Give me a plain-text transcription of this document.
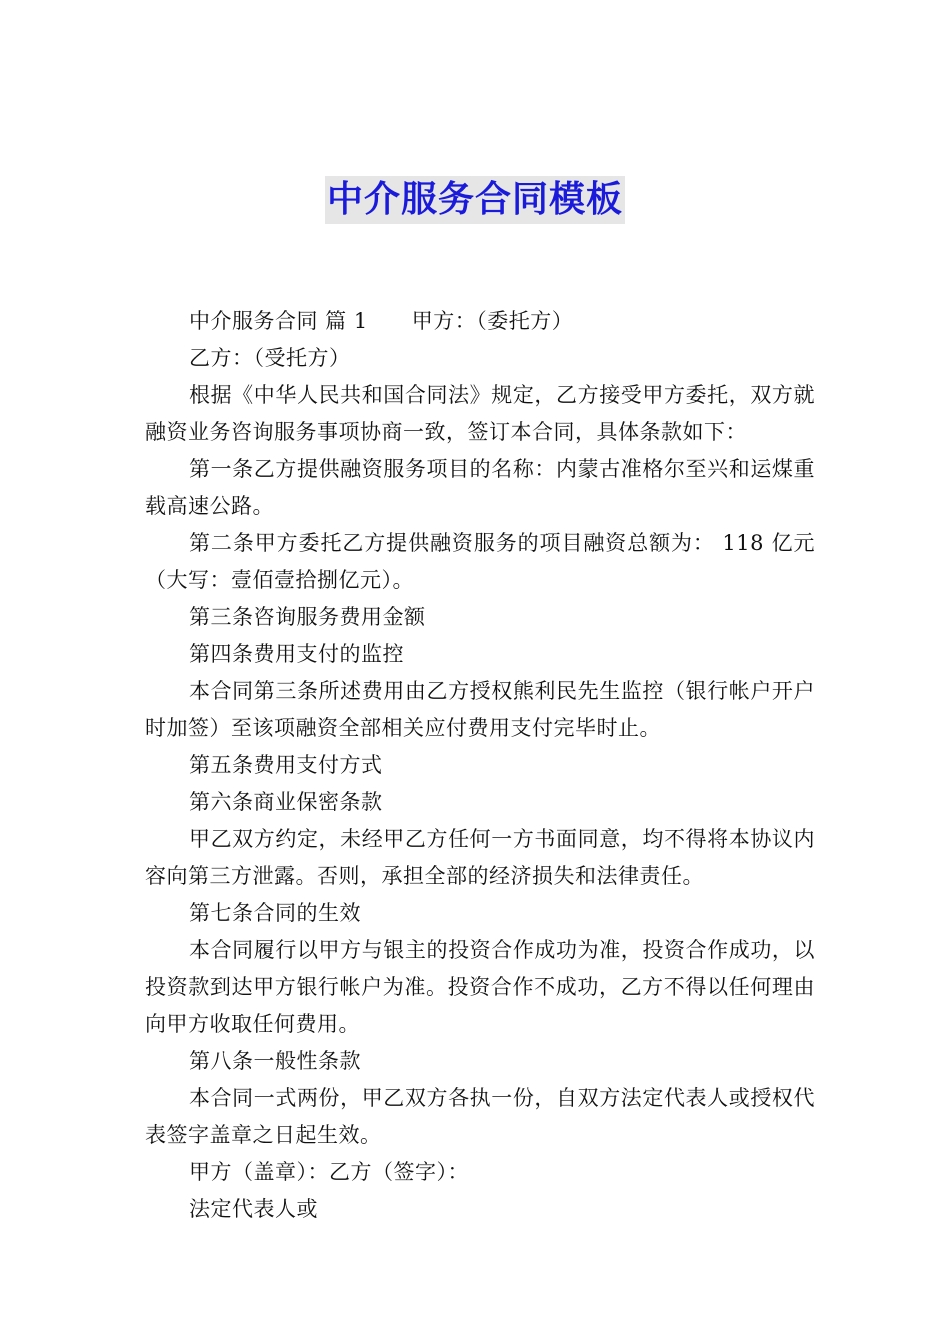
中介服务合同模板

中介服务合同 篇 1 甲方：（委托方）

乙方：（受托方）

根据《中华人民共和国合同法》规定，乙方接受甲方委托，双方就融资业务咨询服务事项协商一致，签订本合同，具体条款如下：

第一条乙方提供融资服务项目的名称：内蒙古准格尔至兴和运煤重载高速公路。

第二条甲方委托乙方提供融资服务的项目融资总额为： 118 亿元（大写：壹佰壹拾捌亿元）。

第三条咨询服务费用金额

第四条费用支付的监控

本合同第三条所述费用由乙方授权熊利民先生监控（银行帐户开户时加签）至该项融资全部相关应付费用支付完毕时止。

第五条费用支付方式

第六条商业保密条款

甲乙双方约定，未经甲乙方任何一方书面同意，均不得将本协议内容向第三方泄露。否则，承担全部的经济损失和法律责任。

第七条合同的生效

本合同履行以甲方与银主的投资合作成功为准，投资合作成功，以投资款到达甲方银行帐户为准。投资合作不成功，乙方不得以任何理由向甲方收取任何费用。

第八条一般性条款

本合同一式两份，甲乙双方各执一份，自双方法定代表人或授权代表签字盖章之日起生效。

甲方（盖章）：乙方（签字）：

法定代表人或
